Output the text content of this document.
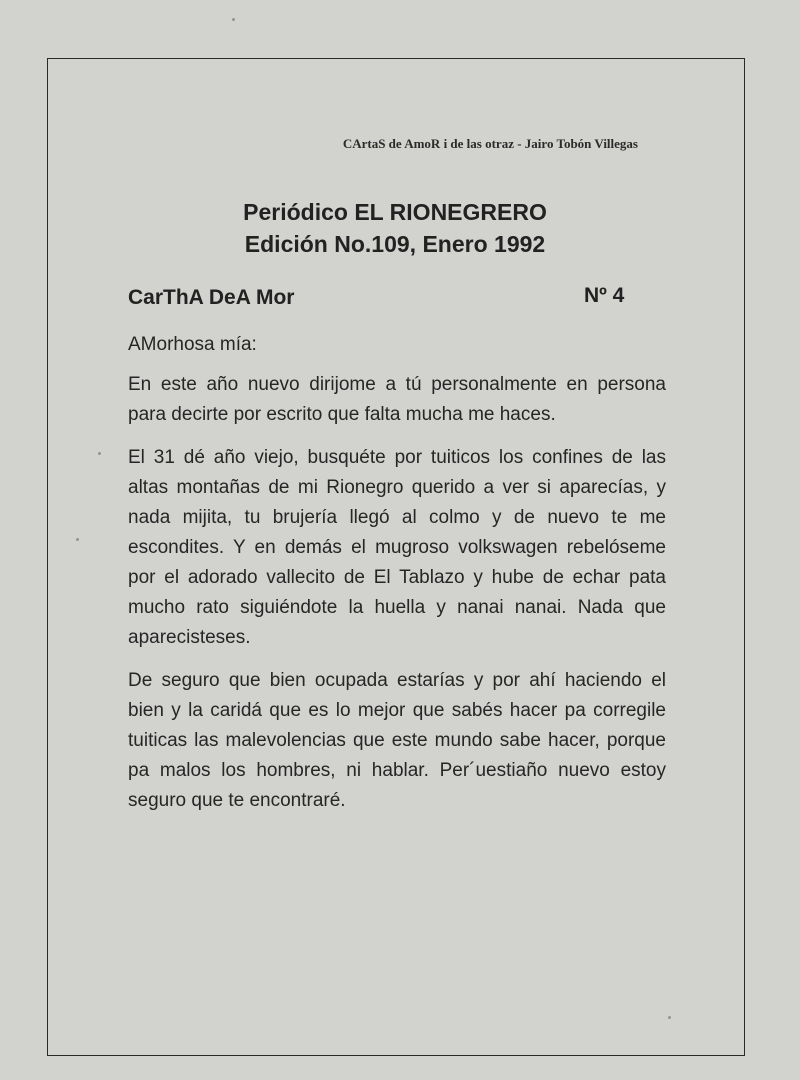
CArtaS de AmoR i de las otraz - Jairo Tobón Villegas
Periódico EL RIONEGRERO
Edición No.109, Enero 1992
CarThA DeA Mor	Nº 4
AMorhosa mía:

En este año nuevo dirijome a tú personalmente en persona para decirte por escrito que falta mucha me haces.

El 31 dé año viejo, busquéte por tuiticos los confines de las altas montañas de mi Rionegro querido a ver si aparecías, y nada mijita, tu brujería llegó al colmo y de nuevo te me escondites. Y en demás el mugroso volkswagen rebelóseme por el adorado vallecito de El Tablazo y hube de echar pata mucho rato siguiéndote la huella y nanai nanai. Nada que aparecisteses.

De seguro que bien ocupada estarías y por ahí haciendo el bien y la caridá que es lo mejor que sabés hacer pa corregile tuiticas las malevolencias que este mundo sabe hacer, porque pa malos los hombres, ni hablar. Per´uestiaño nuevo estoy seguro que te encontraré.
